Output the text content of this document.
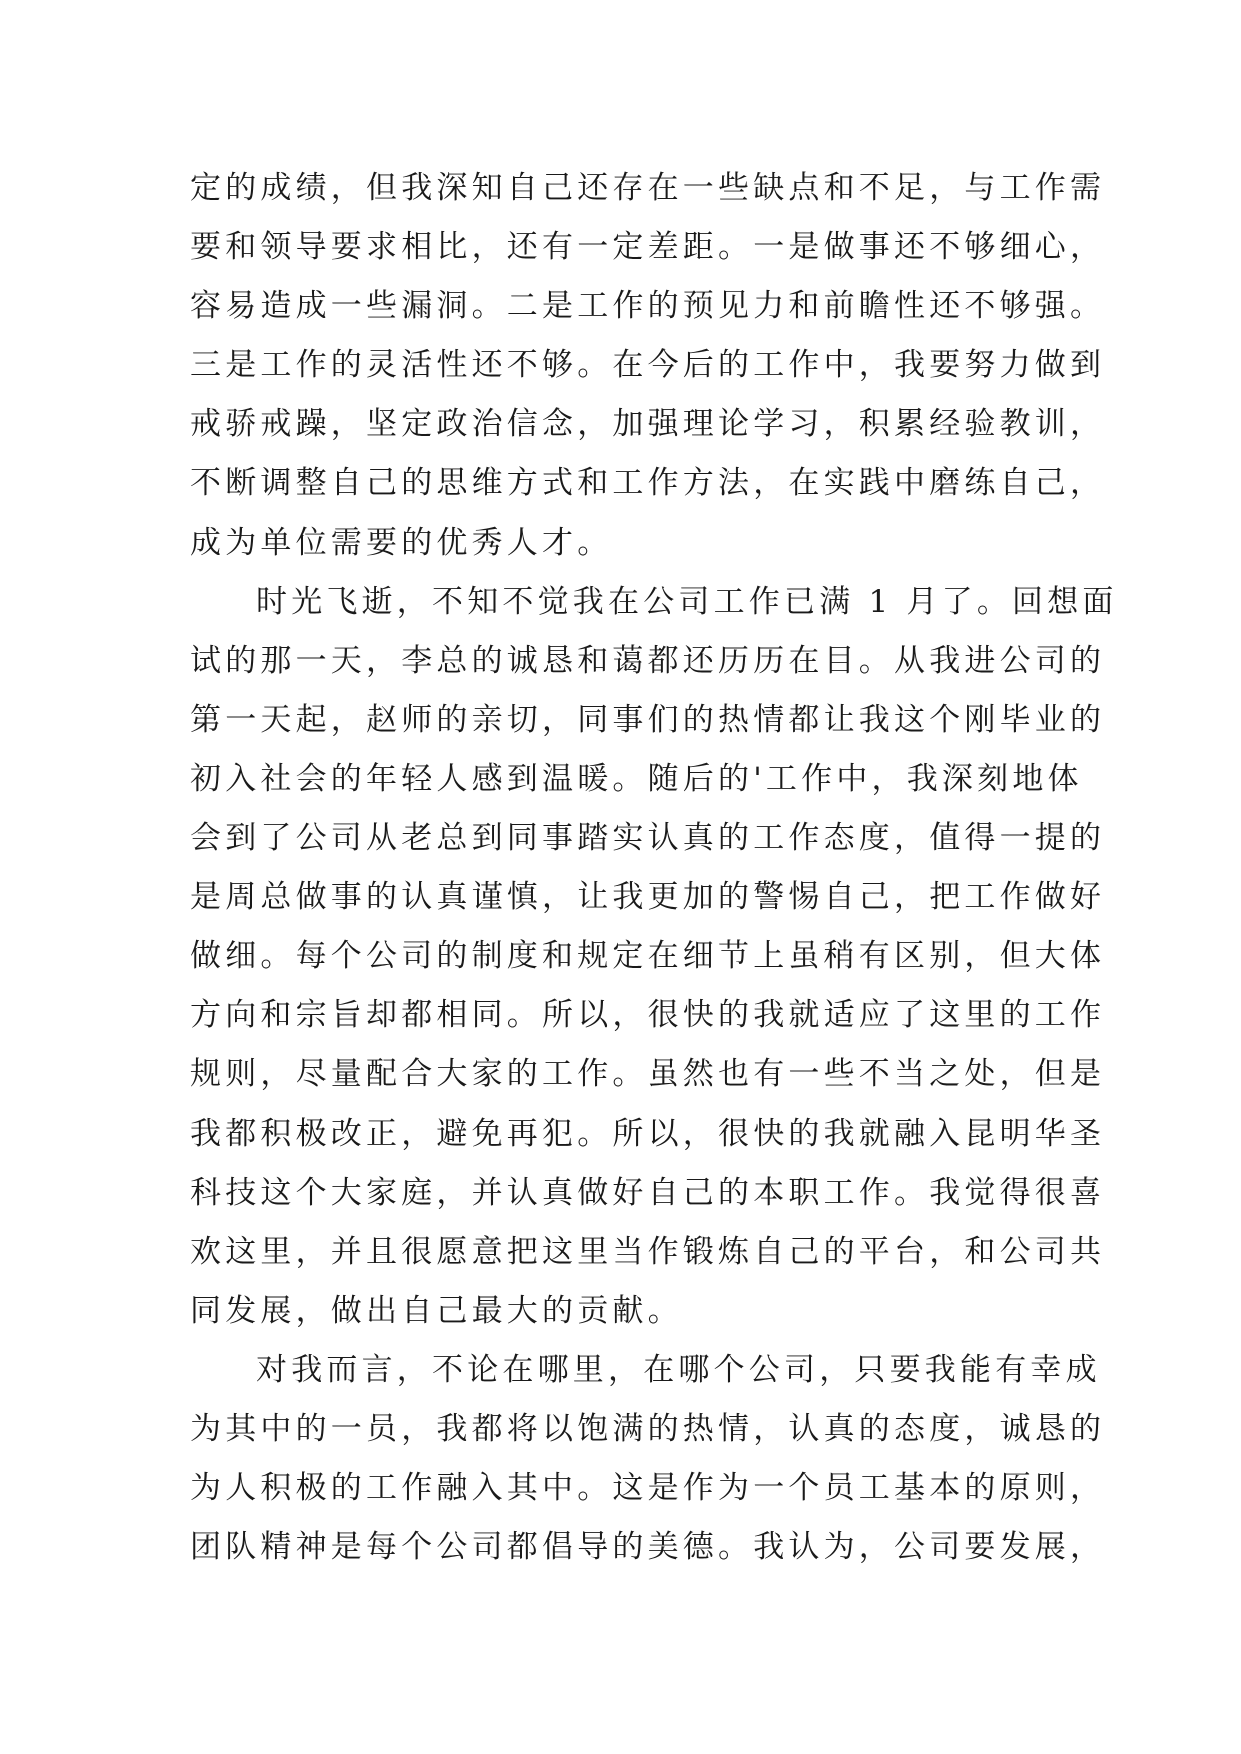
定的成绩，但我深知自己还存在一些缺点和不足，与工作需
要和领导要求相比，还有一定差距。一是做事还不够细心，
容易造成一些漏洞。二是工作的预见力和前瞻性还不够强。
三是工作的灵活性还不够。在今后的工作中，我要努力做到
戒骄戒躁，坚定政治信念，加强理论学习，积累经验教训，
不断调整自己的思维方式和工作方法，在实践中磨练自己，
成为单位需要的优秀人才。
时光飞逝，不知不觉我在公司工作已满 1 月了。回想面
试的那一天，李总的诚恳和蔼都还历历在目。从我进公司的
第一天起，赵师的亲切，同事们的热情都让我这个刚毕业的
初入社会的年轻人感到温暖。随后的'工作中，我深刻地体
会到了公司从老总到同事踏实认真的工作态度，值得一提的
是周总做事的认真谨慎，让我更加的警惕自己，把工作做好
做细。每个公司的制度和规定在细节上虽稍有区别，但大体
方向和宗旨却都相同。所以，很快的我就适应了这里的工作
规则，尽量配合大家的工作。虽然也有一些不当之处，但是
我都积极改正，避免再犯。所以，很快的我就融入昆明华圣
科技这个大家庭，并认真做好自己的本职工作。我觉得很喜
欢这里，并且很愿意把这里当作锻炼自己的平台，和公司共
同发展，做出自己最大的贡献。
对我而言，不论在哪里，在哪个公司，只要我能有幸成
为其中的一员，我都将以饱满的热情，认真的态度，诚恳的
为人积极的工作融入其中。这是作为一个员工基本的原则，
团队精神是每个公司都倡导的美德。我认为，公司要发展，
